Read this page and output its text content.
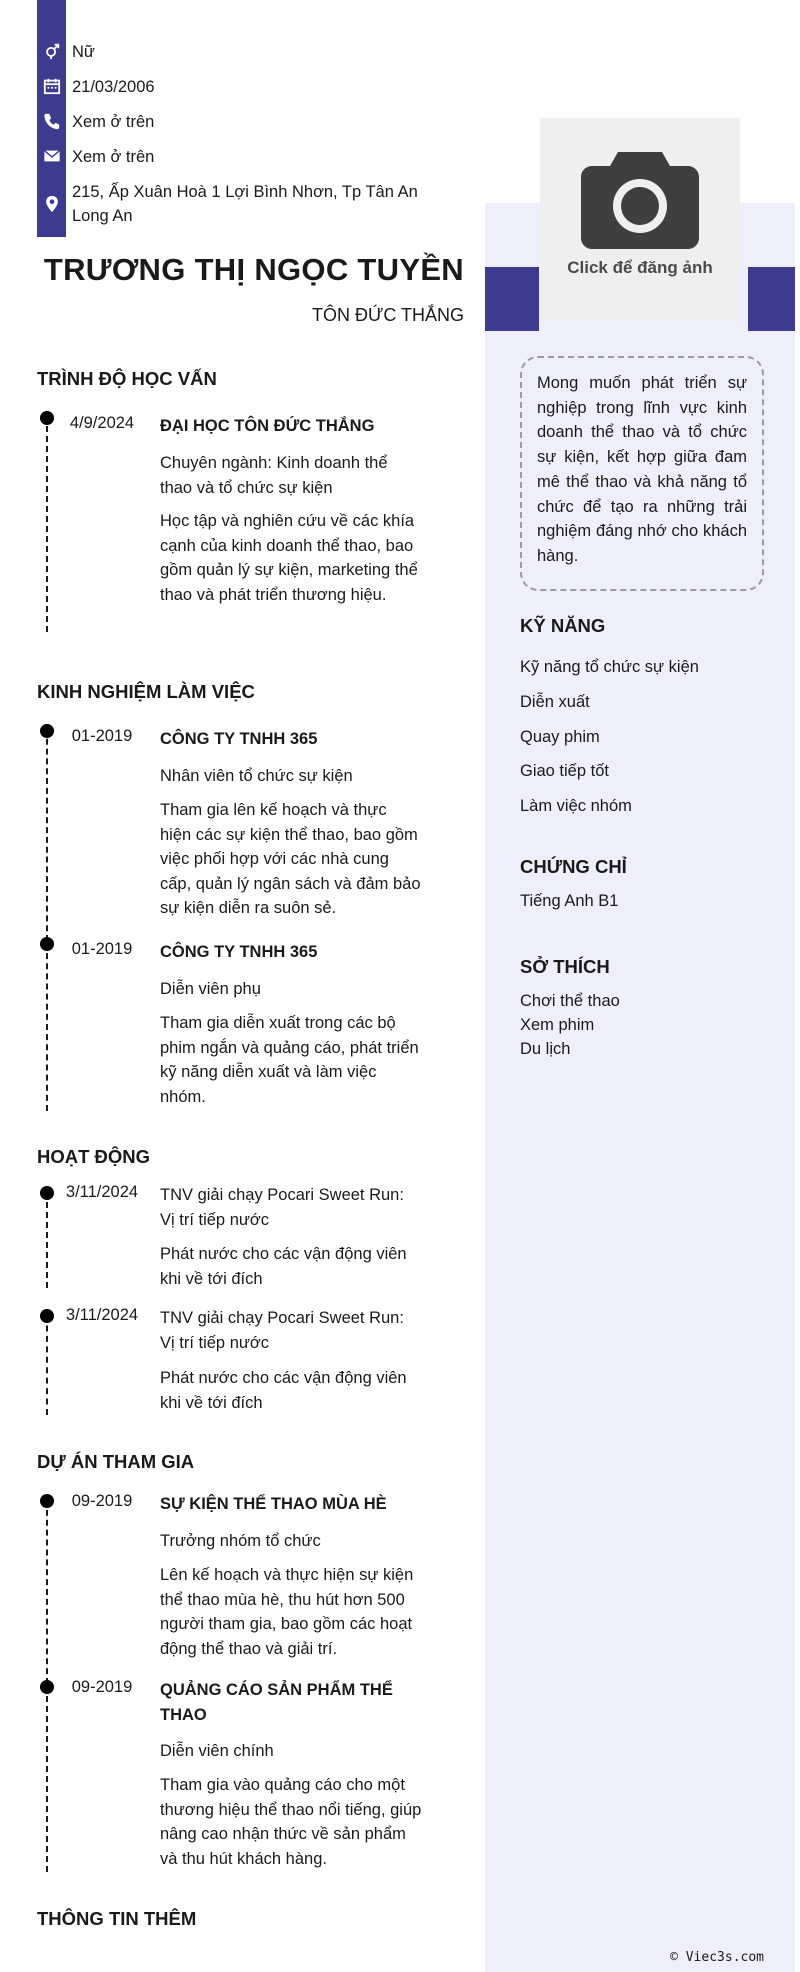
Nữ
21/03/2006
Xem ở trên
Xem ở trên
215, Ấp Xuân Hoà 1 Lợi Bình Nhơn, Tp Tân An Long An
TRƯƠNG THỊ NGỌC TUYỀN
TÔN ĐỨC THẮNG
Click để đăng ảnh
Mong muốn phát triển sự nghiệp trong lĩnh vực kinh doanh thể thao và tổ chức sự kiện, kết hợp giữa đam mê thể thao và khả năng tổ chức để tạo ra những trải nghiệm đáng nhớ cho khách hàng.
KỸ NĂNG
Kỹ năng tổ chức sự kiện
Diễn xuất
Quay phim
Giao tiếp tốt
Làm việc nhóm
CHỨNG CHỈ
Tiếng Anh B1
SỞ THÍCH
Chơi thể thao
Xem phim
Du lịch
TRÌNH ĐỘ HỌC VẤN
4/9/2024	ĐẠI HỌC TÔN ĐỨC THẮNG
Chuyên ngành: Kinh doanh thể thao và tổ chức sự kiện
Học tập và nghiên cứu về các khía cạnh của kinh doanh thể thao, bao gồm quản lý sự kiện, marketing thể thao và phát triển thương hiệu.
KINH NGHIỆM LÀM VIỆC
01-2019	CÔNG TY TNHH 365
Nhân viên tổ chức sự kiện
Tham gia lên kế hoạch và thực hiện các sự kiện thể thao, bao gồm việc phối hợp với các nhà cung cấp, quản lý ngân sách và đảm bảo sự kiện diễn ra suôn sẻ.
01-2019	CÔNG TY TNHH 365
Diễn viên phụ
Tham gia diễn xuất trong các bộ phim ngắn và quảng cáo, phát triển kỹ năng diễn xuất và làm việc nhóm.
HOẠT ĐỘNG
3/11/2024 TNV giải chạy Pocari Sweet Run: Vị trí tiếp nước
Phát nước cho các vận động viên khi về tới đích
3/11/2024 TNV giải chạy Pocari Sweet Run: Vị trí tiếp nước
Phát nước cho các vận động viên khi về tới đích
DỰ ÁN THAM GIA
09-2019	SỰ KIỆN THỂ THAO MÙA HÈ
Trưởng nhóm tổ chức
Lên kế hoạch và thực hiện sự kiện thể thao mùa hè, thu hút hơn 500 người tham gia, bao gồm các hoạt động thể thao và giải trí.
09-2019	QUẢNG CÁO SẢN PHẨM THỂ THAO
Diễn viên chính
Tham gia vào quảng cáo cho một thương hiệu thể thao nổi tiếng, giúp nâng cao nhận thức về sản phẩm và thu hút khách hàng.
THÔNG TIN THÊM
© Viec3s.com
